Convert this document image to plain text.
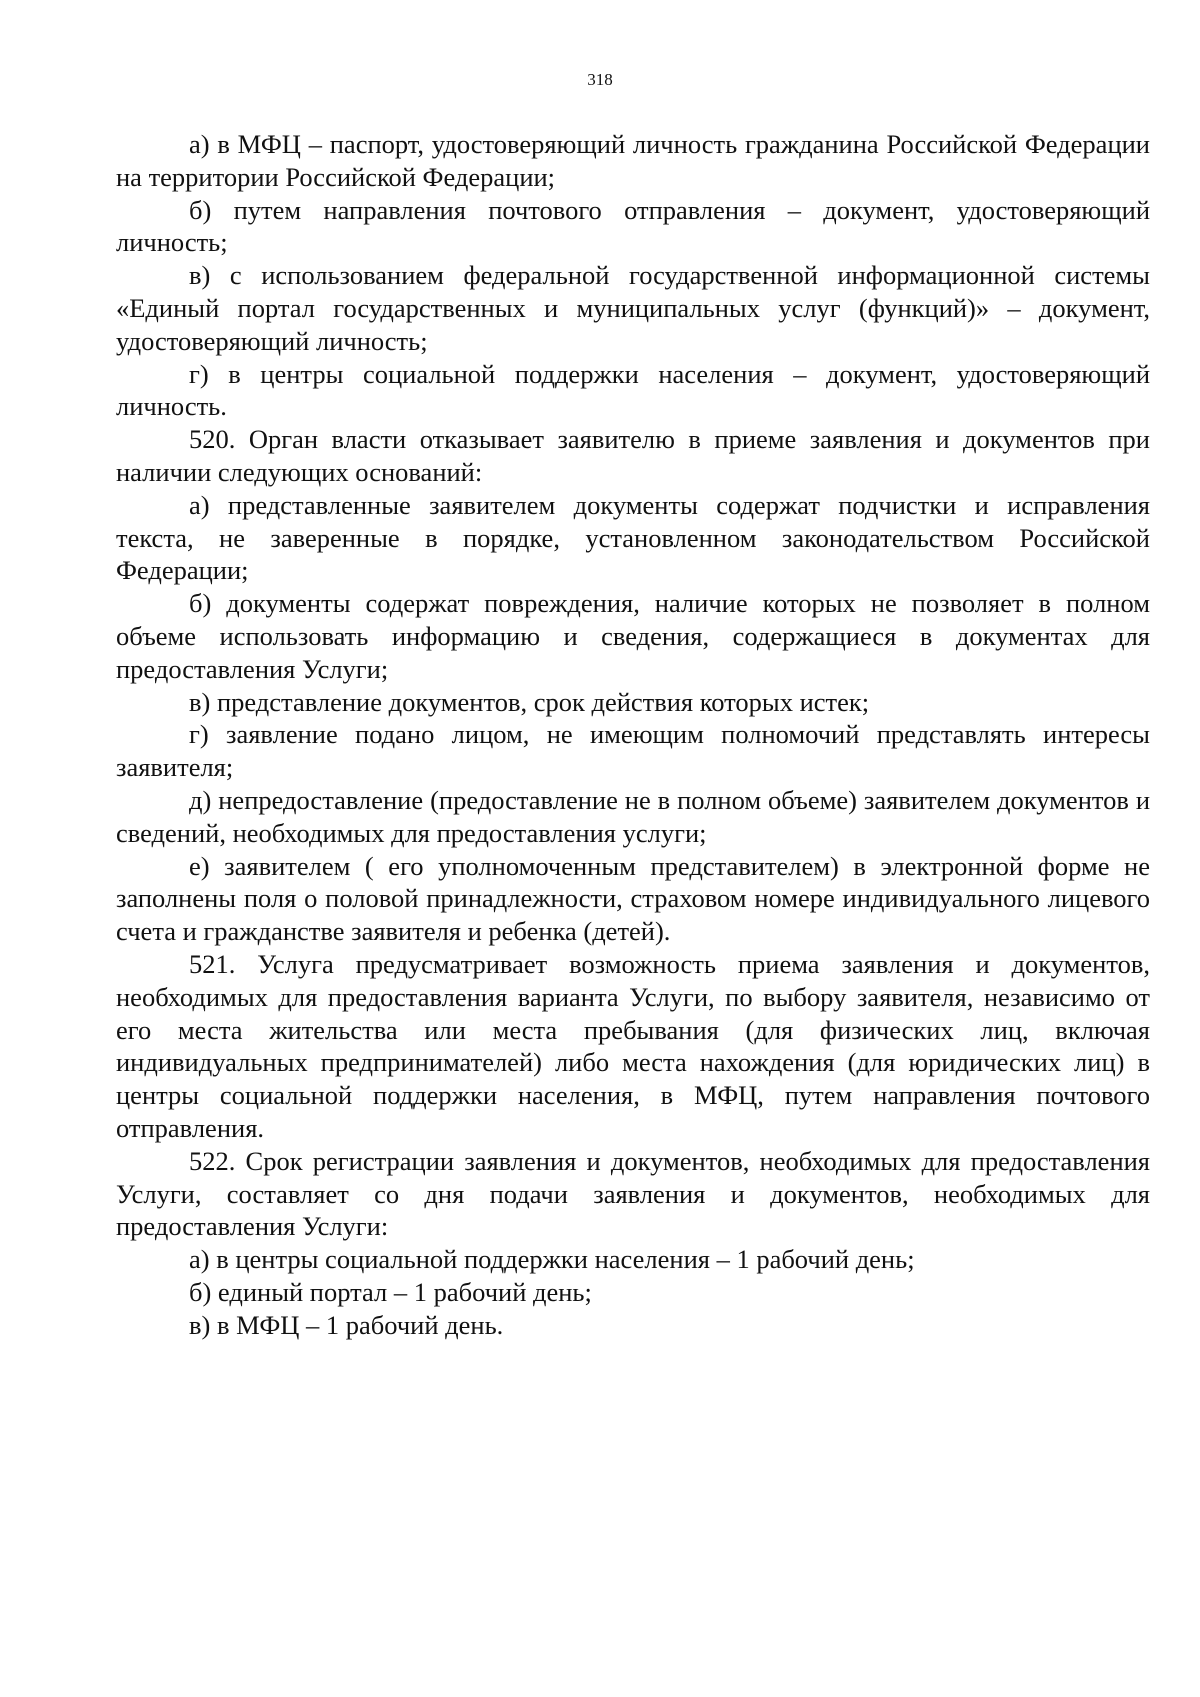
318

а) в МФЦ – паспорт, удостоверяющий личность гражданина Российской Федерации на территории Российской Федерации;

б) путем направления почтового отправления – документ, удостоверяющий личность;

в) с использованием федеральной государственной информационной системы «Единый портал государственных и муниципальных услуг (функций)» – документ, удостоверяющий личность;

г) в центры социальной поддержки населения – документ, удостоверяющий личность.

520. Орган власти отказывает заявителю в приеме заявления и документов при наличии следующих оснований:

а) представленные заявителем документы содержат подчистки и исправления текста, не заверенные в порядке, установленном законодательством Российской Федерации;

б) документы содержат повреждения, наличие которых не позволяет в полном объеме использовать информацию и сведения, содержащиеся в документах для предоставления Услуги;

в) представление документов, срок действия которых истек;

г) заявление подано лицом, не имеющим полномочий представлять интересы заявителя;

д) непредоставление (предоставление не в полном объеме) заявителем документов и сведений, необходимых для предоставления услуги;

е) заявителем ( его уполномоченным представителем) в электронной форме не заполнены поля о половой принадлежности, страховом номере индивидуального лицевого счета и гражданстве заявителя и ребенка (детей).

521. Услуга предусматривает возможность приема заявления и документов, необходимых для предоставления варианта Услуги, по выбору заявителя, независимо от его места жительства или места пребывания (для физических лиц, включая индивидуальных предпринимателей) либо места нахождения (для юридических лиц) в центры социальной поддержки населения, в МФЦ, путем направления почтового отправления.

522. Срок регистрации заявления и документов, необходимых для предоставления Услуги, составляет со дня подачи заявления и документов, необходимых для предоставления Услуги:

а) в центры социальной поддержки населения – 1 рабочий день;

б) единый портал – 1 рабочий день;

в) в МФЦ – 1 рабочий день.
